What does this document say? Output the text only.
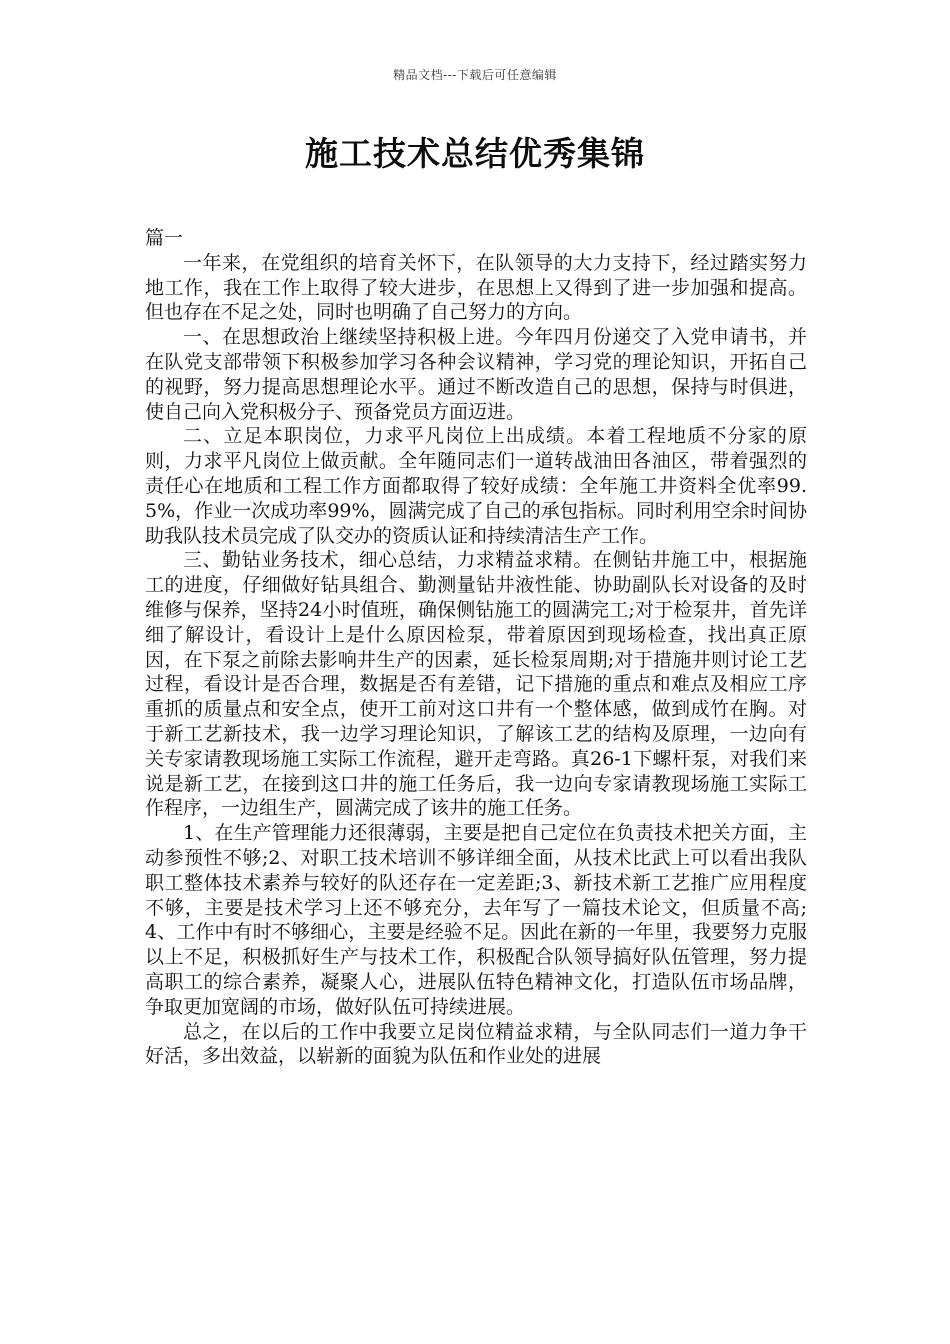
精品文档---下载后可任意编辑
施工技术总结优秀集锦

篇一

一年来，在党组织的培育关怀下，在队领导的大力支持下，经过踏实努力地工作，我在工作上取得了较大进步，在思想上又得到了进一步加强和提高。但也存在不足之处，同时也明确了自己努力的方向。

一、在思想政治上继续坚持积极上进。今年四月份递交了入党申请书，并在队党支部带领下积极参加学习各种会议精神，学习党的理论知识，开拓自己的视野，努力提高思想理论水平。通过不断改造自己的思想，保持与时俱进，使自己向入党积极分子、预备党员方面迈进。

二、立足本职岗位，力求平凡岗位上出成绩。本着工程地质不分家的原则，力求平凡岗位上做贡献。全年随同志们一道转战油田各油区，带着强烈的责任心在地质和工程工作方面都取得了较好成绩：全年施工井资料全优率99.5%，作业一次成功率99%，圆满完成了自己的承包指标。同时利用空余时间协助我队技术员完成了队交办的资质认证和持续清洁生产工作。

三、勤钻业务技术，细心总结，力求精益求精。在侧钻井施工中，根据施工的进度，仔细做好钻具组合、勤测量钻井液性能、协助副队长对设备的及时维修与保养，坚持24小时值班，确保侧钻施工的圆满完工;对于检泵井，首先详细了解设计，看设计上是什么原因检泵，带着原因到现场检查，找出真正原因，在下泵之前除去影响井生产的因素，延长检泵周期;对于措施井则讨论工艺过程，看设计是否合理，数据是否有差错，记下措施的重点和难点及相应工序重抓的质量点和安全点，使开工前对这口井有一个整体感，做到成竹在胸。对于新工艺新技术，我一边学习理论知识，了解该工艺的结构及原理，一边向有关专家请教现场施工实际工作流程，避开走弯路。真26-1下螺杆泵，对我们来说是新工艺，在接到这口井的施工任务后，我一边向专家请教现场施工实际工作程序，一边组生产，圆满完成了该井的施工任务。

1、在生产管理能力还很薄弱，主要是把自己定位在负责技术把关方面，主动参预性不够;2、对职工技术培训不够详细全面，从技术比武上可以看出我队职工整体技术素养与较好的队还存在一定差距;3、新技术新工艺推广应用程度不够，主要是技术学习上还不够充分，去年写了一篇技术论文，但质量不高;4、工作中有时不够细心，主要是经验不足。因此在新的一年里，我要努力克服以上不足，积极抓好生产与技术工作，积极配合队领导搞好队伍管理，努力提高职工的综合素养，凝聚人心，进展队伍特色精神文化，打造队伍市场品牌，争取更加宽阔的市场，做好队伍可持续进展。

总之，在以后的工作中我要立足岗位精益求精，与全队同志们一道力争干好活，多出效益，以崭新的面貌为队伍和作业处的进展
